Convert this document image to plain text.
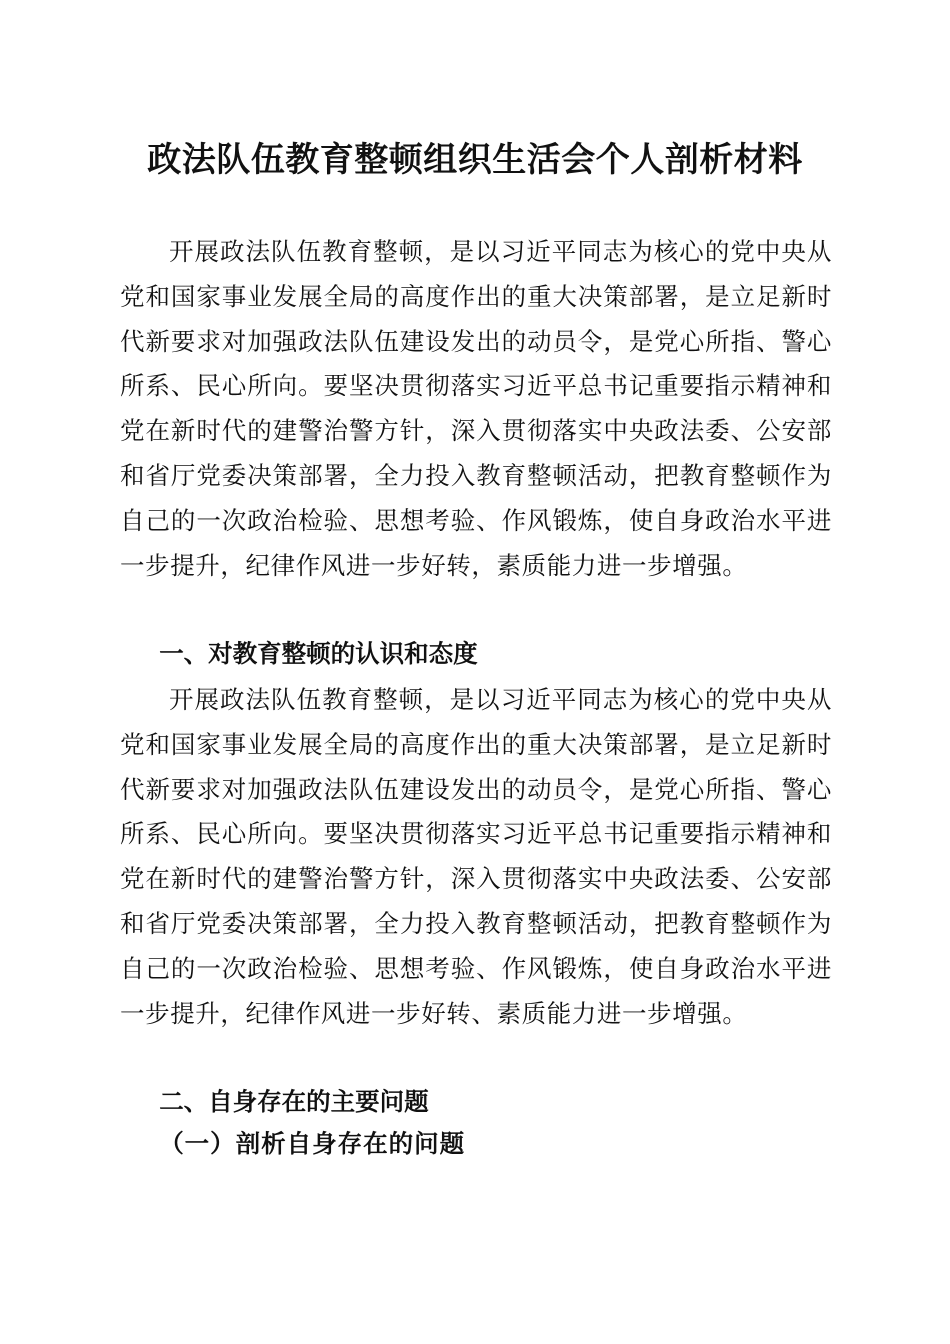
政法队伍教育整顿组织生活会个人剖析材料

开展政法队伍教育整顿，是以习近平同志为核心的党中央从党和国家事业发展全局的高度作出的重大决策部署，是立足新时代新要求对加强政法队伍建设发出的动员令，是党心所指、警心所系、民心所向。要坚决贯彻落实习近平总书记重要指示精神和党在新时代的建警治警方针，深入贯彻落实中央政法委、公安部和省厅党委决策部署，全力投入教育整顿活动，把教育整顿作为自己的一次政治检验、思想考验、作风锻炼，使自身政治水平进一步提升，纪律作风进一步好转，素质能力进一步增强。

一、对教育整顿的认识和态度

开展政法队伍教育整顿，是以习近平同志为核心的党中央从党和国家事业发展全局的高度作出的重大决策部署，是立足新时代新要求对加强政法队伍建设发出的动员令，是党心所指、警心所系、民心所向。要坚决贯彻落实习近平总书记重要指示精神和党在新时代的建警治警方针，深入贯彻落实中央政法委、公安部和省厅党委决策部署，全力投入教育整顿活动，把教育整顿作为自己的一次政治检验、思想考验、作风锻炼，使自身政治水平进一步提升，纪律作风进一步好转、素质能力进一步增强。

二、自身存在的主要问题
（一）剖析自身存在的问题
